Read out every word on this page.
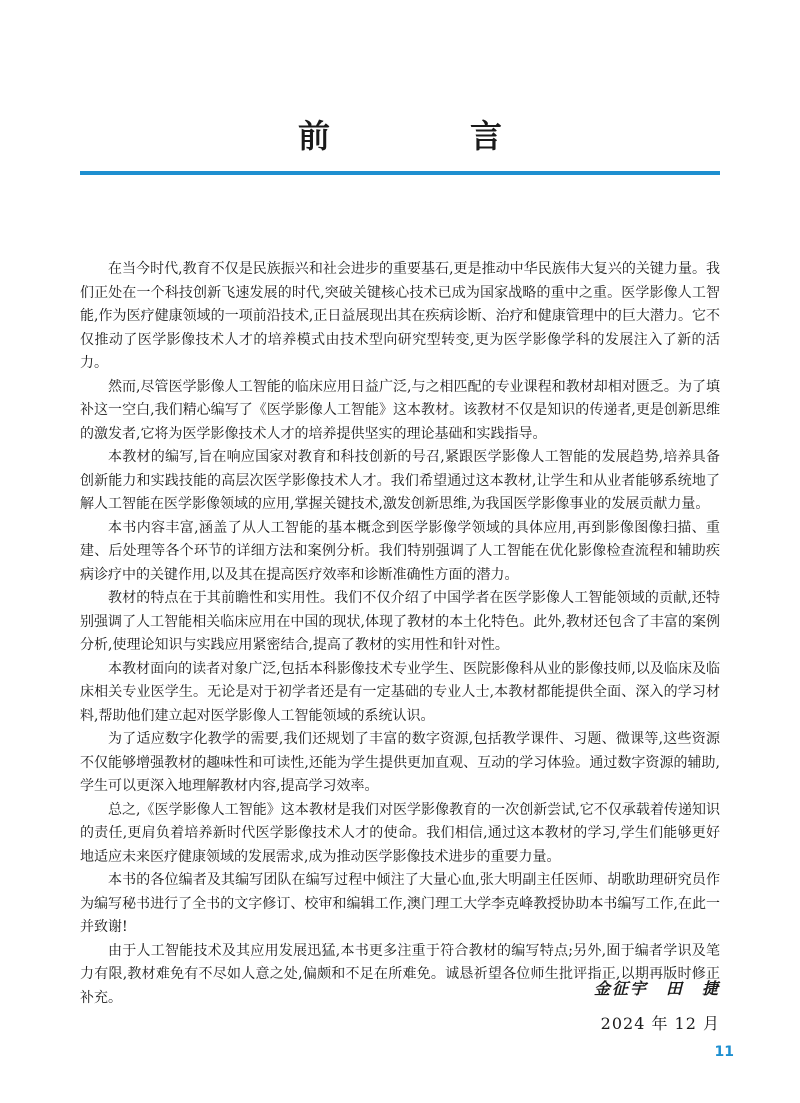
前　言

在当今时代,教育不仅是民族振兴和社会进步的重要基石,更是推动中华民族伟大复兴的关键力量。我们正处在一个科技创新飞速发展的时代,突破关键核心技术已成为国家战略的重中之重。医学影像人工智能,作为医疗健康领域的一项前沿技术,正日益展现出其在疾病诊断、治疗和健康管理中的巨大潜力。它不仅推动了医学影像技术人才的培养模式由技术型向研究型转变,更为医学影像学科的发展注入了新的活力。

然而,尽管医学影像人工智能的临床应用日益广泛,与之相匹配的专业课程和教材却相对匮乏。为了填补这一空白,我们精心编写了《医学影像人工智能》这本教材。该教材不仅是知识的传递者,更是创新思维的激发者,它将为医学影像技术人才的培养提供坚实的理论基础和实践指导。

本教材的编写,旨在响应国家对教育和科技创新的号召,紧跟医学影像人工智能的发展趋势,培养具备创新能力和实践技能的高层次医学影像技术人才。我们希望通过这本教材,让学生和从业者能够系统地了解人工智能在医学影像领域的应用,掌握关键技术,激发创新思维,为我国医学影像事业的发展贡献力量。

本书内容丰富,涵盖了从人工智能的基本概念到医学影像学领域的具体应用,再到影像图像扫描、重建、后处理等各个环节的详细方法和案例分析。我们特别强调了人工智能在优化影像检查流程和辅助疾病诊疗中的关键作用,以及其在提高医疗效率和诊断准确性方面的潜力。

教材的特点在于其前瞻性和实用性。我们不仅介绍了中国学者在医学影像人工智能领域的贡献,还特别强调了人工智能相关临床应用在中国的现状,体现了教材的本土化特色。此外,教材还包含了丰富的案例分析,使理论知识与实践应用紧密结合,提高了教材的实用性和针对性。

本教材面向的读者对象广泛,包括本科影像技术专业学生、医院影像科从业的影像技师,以及临床及临床相关专业医学生。无论是对于初学者还是有一定基础的专业人士,本教材都能提供全面、深入的学习材料,帮助他们建立起对医学影像人工智能领域的系统认识。

为了适应数字化教学的需要,我们还规划了丰富的数字资源,包括教学课件、习题、微课等,这些资源不仅能够增强教材的趣味性和可读性,还能为学生提供更加直观、互动的学习体验。通过数字资源的辅助,学生可以更深入地理解教材内容,提高学习效率。

总之,《医学影像人工智能》这本教材是我们对医学影像教育的一次创新尝试,它不仅承载着传递知识的责任,更肩负着培养新时代医学影像技术人才的使命。我们相信,通过这本教材的学习,学生们能够更好地适应未来医疗健康领域的发展需求,成为推动医学影像技术进步的重要力量。

本书的各位编者及其编写团队在编写过程中倾注了大量心血,张大明副主任医师、胡歌助理研究员作为编写秘书进行了全书的文字修订、校审和编辑工作,澳门理工大学李克峰教授协助本书编写工作,在此一并致谢!

由于人工智能技术及其应用发展迅猛,本书更多注重于符合教材的编写特点;另外,囿于编者学识及笔力有限,教材难免有不尽如人意之处,偏颇和不足在所难免。诚恳祈望各位师生批评指正,以期再版时修正补充。	金征宇　田　捷
2024 年 12 月
11
